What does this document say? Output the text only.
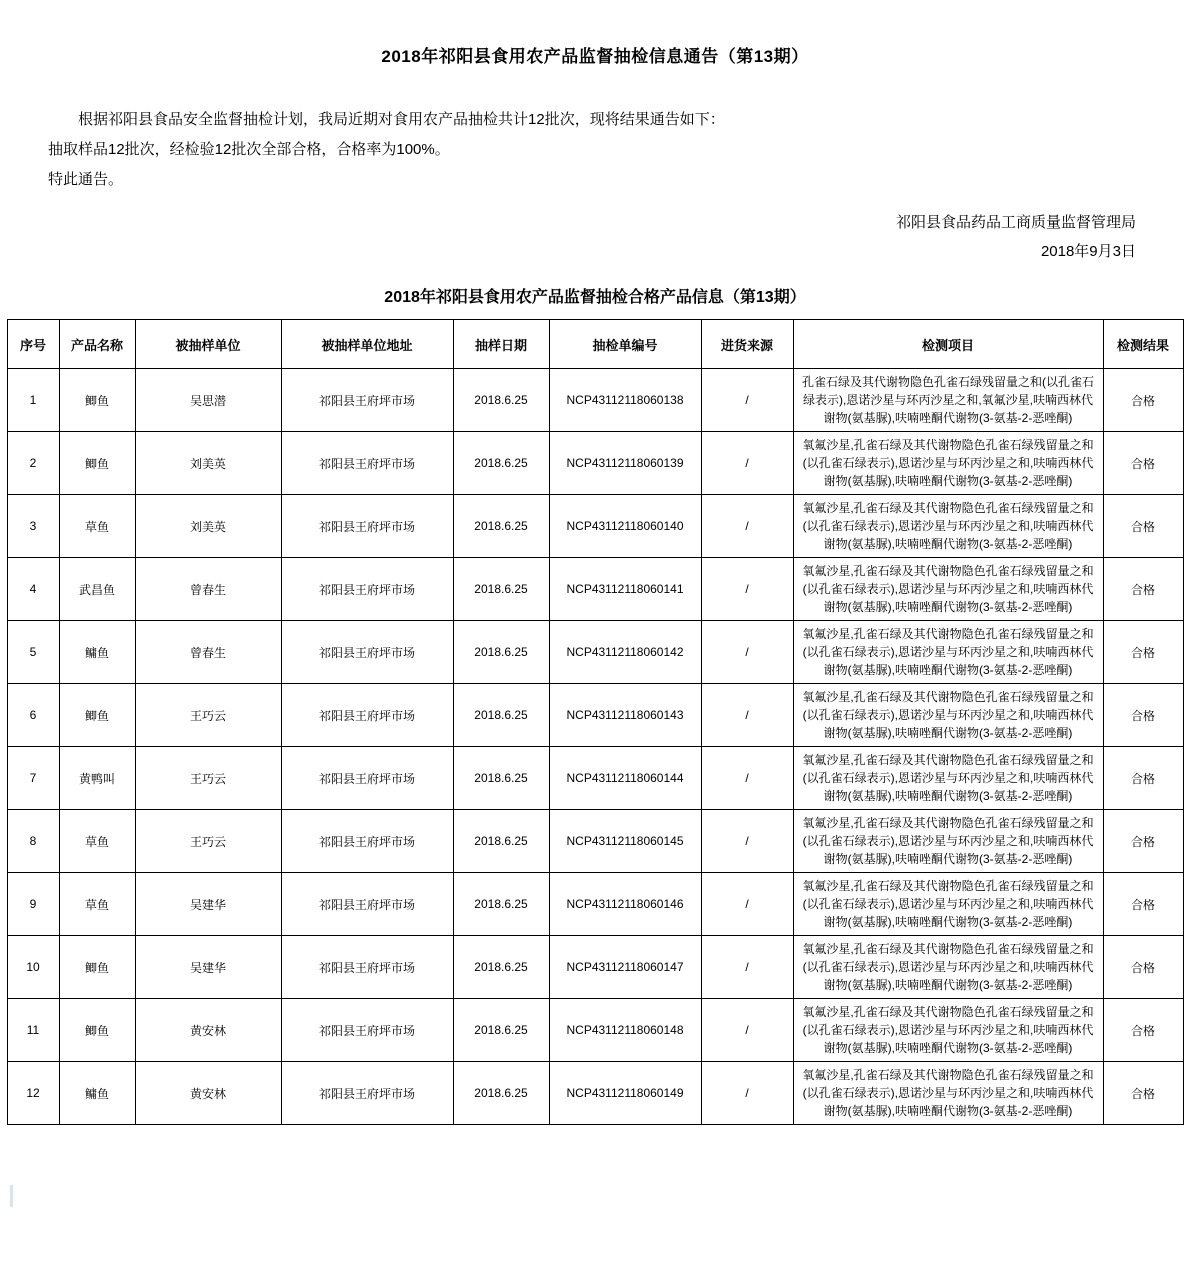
2018年祁阳县食用农产品监督抽检信息通告（第13期）

根据祁阳县食品安全监督抽检计划，我局近期对食用农产品抽检共计12批次，现将结果通告如下：

抽取样品12批次，经检验12批次全部合格，合格率为100%。

特此通告。

祁阳县食品药品工商质量监督管理局
2018年9月3日
2018年祁阳县食用农产品监督抽检合格产品信息（第13期）
序号	产品名称	被抽样单位	被抽样单位地址	抽样日期	抽检单编号	进货来源	检测项目	检测结果
1	鲫鱼	吴思潜	祁阳县王府坪市场	2018.6.25	NCP43112118060138	/	孔雀石绿及其代谢物隐色孔雀石绿残留量之和(以孔雀石绿表示),恩诺沙星与环丙沙星之和,氧氟沙星,呋喃西林代谢物(氨基脲),呋喃唑酮代谢物(3-氨基-2-恶唑酮)	合格
2	鲫鱼	刘美英	祁阳县王府坪市场	2018.6.25	NCP43112118060139	/	氧氟沙星,孔雀石绿及其代谢物隐色孔雀石绿残留量之和(以孔雀石绿表示),恩诺沙星与环丙沙星之和,呋喃西林代谢物(氨基脲),呋喃唑酮代谢物(3-氨基-2-恶唑酮)	合格
3	草鱼	刘美英	祁阳县王府坪市场	2018.6.25	NCP43112118060140	/	氧氟沙星,孔雀石绿及其代谢物隐色孔雀石绿残留量之和(以孔雀石绿表示),恩诺沙星与环丙沙星之和,呋喃西林代谢物(氨基脲),呋喃唑酮代谢物(3-氨基-2-恶唑酮)	合格
4	武昌鱼	曾春生	祁阳县王府坪市场	2018.6.25	NCP43112118060141	/	氧氟沙星,孔雀石绿及其代谢物隐色孔雀石绿残留量之和(以孔雀石绿表示),恩诺沙星与环丙沙星之和,呋喃西林代谢物(氨基脲),呋喃唑酮代谢物(3-氨基-2-恶唑酮)	合格
5	鳙鱼	曾春生	祁阳县王府坪市场	2018.6.25	NCP43112118060142	/	氧氟沙星,孔雀石绿及其代谢物隐色孔雀石绿残留量之和(以孔雀石绿表示),恩诺沙星与环丙沙星之和,呋喃西林代谢物(氨基脲),呋喃唑酮代谢物(3-氨基-2-恶唑酮)	合格
6	鲫鱼	王巧云	祁阳县王府坪市场	2018.6.25	NCP43112118060143	/	氧氟沙星,孔雀石绿及其代谢物隐色孔雀石绿残留量之和(以孔雀石绿表示),恩诺沙星与环丙沙星之和,呋喃西林代谢物(氨基脲),呋喃唑酮代谢物(3-氨基-2-恶唑酮)	合格
7	黄鸭叫	王巧云	祁阳县王府坪市场	2018.6.25	NCP43112118060144	/	氧氟沙星,孔雀石绿及其代谢物隐色孔雀石绿残留量之和(以孔雀石绿表示),恩诺沙星与环丙沙星之和,呋喃西林代谢物(氨基脲),呋喃唑酮代谢物(3-氨基-2-恶唑酮)	合格
8	草鱼	王巧云	祁阳县王府坪市场	2018.6.25	NCP43112118060145	/	氧氟沙星,孔雀石绿及其代谢物隐色孔雀石绿残留量之和(以孔雀石绿表示),恩诺沙星与环丙沙星之和,呋喃西林代谢物(氨基脲),呋喃唑酮代谢物(3-氨基-2-恶唑酮)	合格
9	草鱼	吴建华	祁阳县王府坪市场	2018.6.25	NCP43112118060146	/	氧氟沙星,孔雀石绿及其代谢物隐色孔雀石绿残留量之和(以孔雀石绿表示),恩诺沙星与环丙沙星之和,呋喃西林代谢物(氨基脲),呋喃唑酮代谢物(3-氨基-2-恶唑酮)	合格
10	鲫鱼	吴建华	祁阳县王府坪市场	2018.6.25	NCP43112118060147	/	氧氟沙星,孔雀石绿及其代谢物隐色孔雀石绿残留量之和(以孔雀石绿表示),恩诺沙星与环丙沙星之和,呋喃西林代谢物(氨基脲),呋喃唑酮代谢物(3-氨基-2-恶唑酮)	合格
11	鲫鱼	黄安林	祁阳县王府坪市场	2018.6.25	NCP43112118060148	/	氧氟沙星,孔雀石绿及其代谢物隐色孔雀石绿残留量之和(以孔雀石绿表示),恩诺沙星与环丙沙星之和,呋喃西林代谢物(氨基脲),呋喃唑酮代谢物(3-氨基-2-恶唑酮)	合格
12	鳙鱼	黄安林	祁阳县王府坪市场	2018.6.25	NCP43112118060149	/	氧氟沙星,孔雀石绿及其代谢物隐色孔雀石绿残留量之和(以孔雀石绿表示),恩诺沙星与环丙沙星之和,呋喃西林代谢物(氨基脲),呋喃唑酮代谢物(3-氨基-2-恶唑酮)	合格
